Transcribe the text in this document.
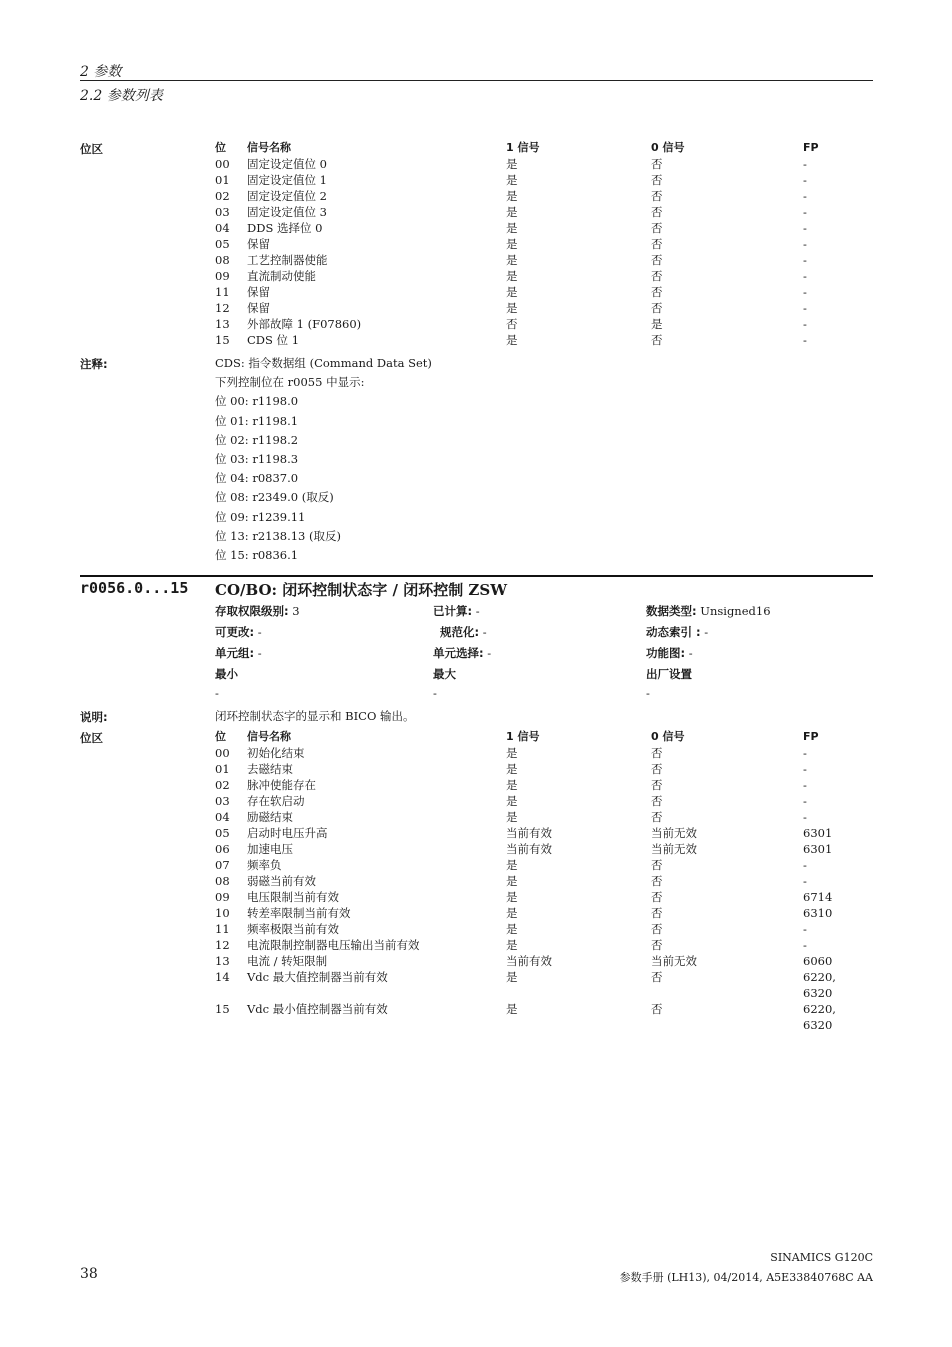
2 参数
2.2 参数列表
位区	位	信号名称	1 信号	0 信号	FP
00	固定设定值位 0	是	否	-
01	固定设定值位 1	是	否	-
02	固定设定值位 2	是	否	-
03	固定设定值位 3	是	否	-
04	DDS 选择位 0	是	否	-
05	保留	是	否	-
08	工艺控制器使能	是	否	-
09	直流制动使能	是	否	-
11	保留	是	否	-
12	保留	是	否	-
13	外部故障 1 (F07860)	否	是	-
15	CDS 位 1	是	否	-
注释:	CDS: 指令数据组 (Command Data Set)
下列控制位在 r0055 中显示:
位 00: r1198.0
位 01: r1198.1
位 02: r1198.2
位 03: r1198.3
位 04: r0837.0
位 08: r2349.0 (取反)
位 09: r1239.11
位 13: r2138.13 (取反)
位 15: r0836.1
r0056.0...15 CO/BO: 闭环控制状态字 / 闭环控制 ZSW
存取权限级别: 3	已计算: -	数据类型: Unsigned16
可更改: -	规范化: -	动态索引 : -
单元组: -	单元选择: -	功能图: -
最小	最大	出厂设置
-	-	-
说明:	闭环控制状态字的显示和 BICO 输出。
位区	位	信号名称	1 信号	0 信号	FP
00	初始化结束	是	否	-
01	去磁结束	是	否	-
02	脉冲使能存在	是	否	-
03	存在软启动	是	否	-
04	励磁结束	是	否	-
05	启动时电压升高	当前有效	当前无效	6301
06	加速电压	当前有效	当前无效	6301
07	频率负	是	否	-
08	弱磁当前有效	是	否	-
09	电压限制当前有效	是	否	6714
10	转差率限制当前有效	是	否	6310
11	频率极限当前有效	是	否	-
12	电流限制控制器电压输出当前有效	是	否	-
13	电流 / 转矩限制	当前有效	当前无效	6060
14	Vdc 最大值控制器当前有效	是	否	6220,
6320

15	Vdc 最小值控制器当前有效	是	否	6220,
6320
38
SINAMICS G120C
参数手册 (LH13), 04/2014, A5E33840768C AA
